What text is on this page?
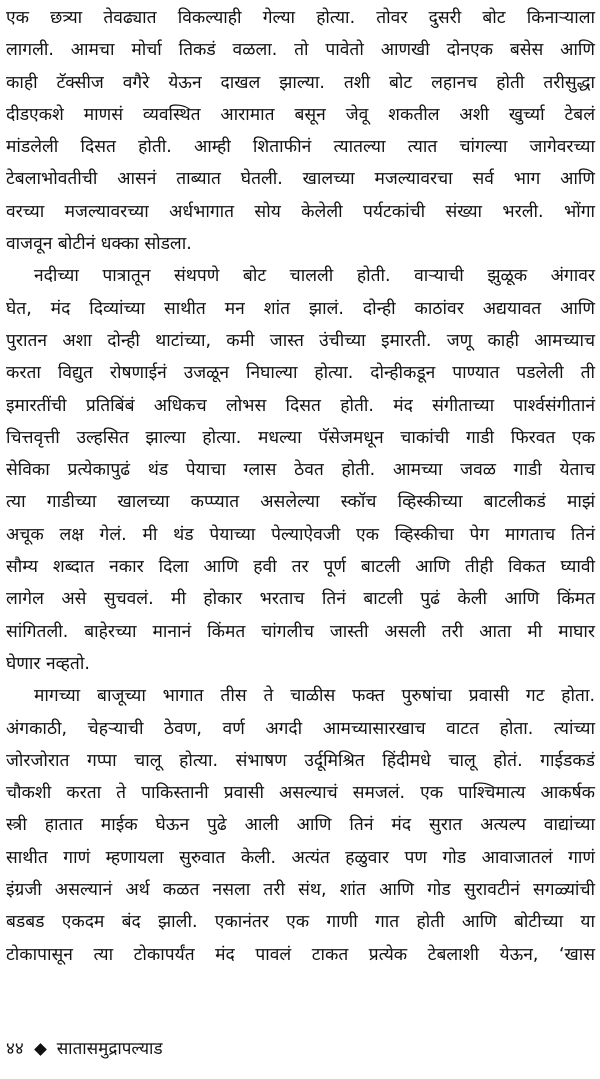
एक छत्र्या तेवढ्यात विकल्याही गेल्या होत्या. तोवर दुसरी बोट किनाऱ्याला
लागली. आमचा मोर्चा तिकडं वळला. तो पावेतो आणखी दोनएक बसेस आणि
काही टॅक्सीज वगैरे येऊन दाखल झाल्या. तशी बोट लहानच होती तरीसुद्धा
दीडएकशे माणसं व्यवस्थित आरामात बसून जेवू शकतील अशी खुर्च्या टेबलं
मांडलेली दिसत होती. आम्ही शिताफीनं त्यातल्या त्यात चांगल्या जागेवरच्या
टेबलाभोवतीची आसनं ताब्यात घेतली. खालच्या मजल्यावरचा सर्व भाग आणि
वरच्या मजल्यावरच्या अर्धभागात सोय केलेली पर्यटकांची संख्या भरली. भोंगा
वाजवून बोटीनं धक्का सोडला.
नदीच्या पात्रातून संथपणे बोट चालली होती. वाऱ्याची झुळूक अंगावर
घेत, मंद दिव्यांच्या साथीत मन शांत झालं. दोन्ही काठांवर अद्ययावत आणि
पुरातन अशा दोन्ही थाटांच्या, कमी जास्त उंचीच्या इमारती. जणू काही आमच्याच
करता विद्युत रोषणाईनं उजळून निघाल्या होत्या. दोन्हीकडून पाण्यात पडलेली ती
इमारतींची प्रतिबिंबं अधिकच लोभस दिसत होती. मंद संगीताच्या पार्श्वसंगीतानं
चित्तवृत्ती उल्हसित झाल्या होत्या. मधल्या पॅसेजमधून चाकांची गाडी फिरवत एक
सेविका प्रत्येकापुढं थंड पेयाचा ग्लास ठेवत होती. आमच्या जवळ गाडी येताच
त्या गाडीच्या खालच्या कप्प्यात असलेल्या स्कॉच व्हिस्कीच्या बाटलीकडं माझं
अचूक लक्ष गेलं. मी थंड पेयाच्या पेल्याऐवजी एक व्हिस्कीचा पेग मागताच तिनं
सौम्य शब्दात नकार दिला आणि हवी तर पूर्ण बाटली आणि तीही विकत घ्यावी
लागेल असे सुचवलं. मी होकार भरताच तिनं बाटली पुढं केली आणि किंमत
सांगितली. बाहेरच्या मानानं किंमत चांगलीच जास्ती असली तरी आता मी माघार
घेणार नव्हतो.
मागच्या बाजूच्या भागात तीस ते चाळीस फक्त पुरुषांचा प्रवासी गट होता.
अंगकाठी, चेहऱ्याची ठेवण, वर्ण अगदी आमच्यासारखाच वाटत होता. त्यांच्या
जोरजोरात गप्पा चालू होत्या. संभाषण उर्दूमिश्रित हिंदीमधे चालू होतं. गाईडकडं
चौकशी करता ते पाकिस्तानी प्रवासी असल्याचं समजलं. एक पाश्चिमात्य आकर्षक
स्त्री हातात माईक घेऊन पुढे आली आणि तिनं मंद सुरात अत्यल्प वाद्यांच्या
साथीत गाणं म्हणायला सुरुवात केली. अत्यंत हळुवार पण गोड आवाजातलं गाणं
इंग्रजी असल्यानं अर्थ कळत नसला तरी संथ, शांत आणि गोड सुरावटीनं सगळ्यांची
बडबड एकदम बंद झाली. एकानंतर एक गाणी गात होती आणि बोटीच्या या
टोकापासून त्या टोकापर्यंत मंद पावलं टाकत प्रत्येक टेबलाशी येऊन, ‘खास
४४ सातासमुद्रापल्याड
